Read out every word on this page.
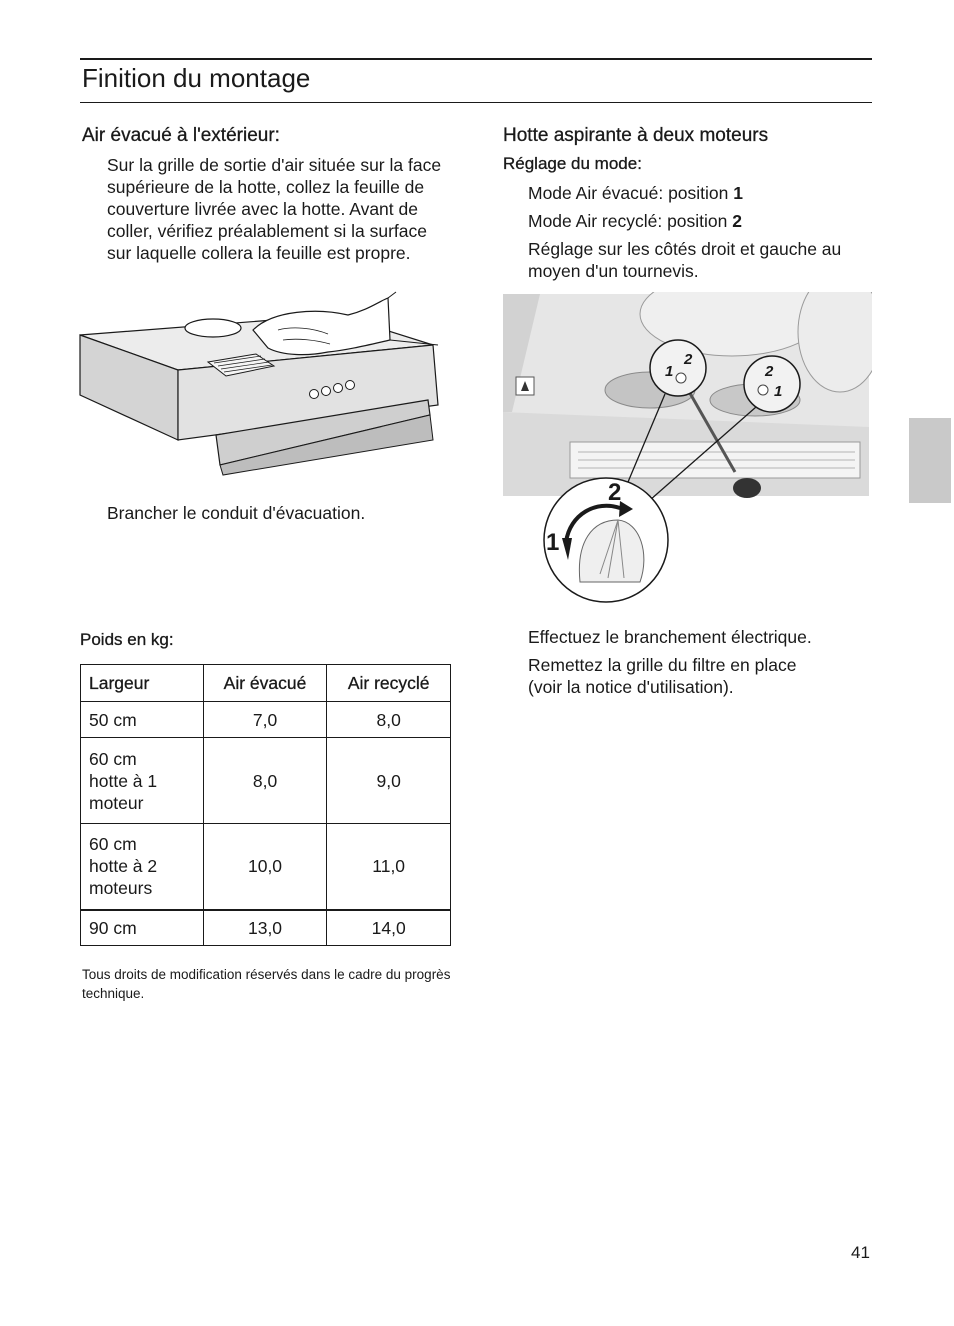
Finition du montage
Air évacué à l'extérieur:

Sur la grille de sortie d'air située sur la face supérieure de la hotte, collez la feuille de couverture livrée avec la hotte. Avant de coller, vérifiez préalablement si la surface sur laquelle collera la feuille est propre.

Brancher le conduit d'évacuation.

Poids en kg:
Largeur	Air évacué	Air recyclé
50 cm	7,0	8,0

60 cm
hotte à 1
moteur	8,0	9,0

60 cm
hotte à 2
moteurs	10,0	11,0
90 cm	13,0	14,0

Tous droits de modification réservés dans le cadre du progrès technique.

Hotte aspirante à deux moteurs
Réglage du mode:

Mode Air évacué: position 1

Mode Air recyclé: position 2

Réglage sur les côtés droit et gauche au moyen d'un tournevis.

1
2
2
1
2
1

Effectuez le branchement électrique.

Remettez la grille du filtre en place (voir la notice d'utilisation).

41
